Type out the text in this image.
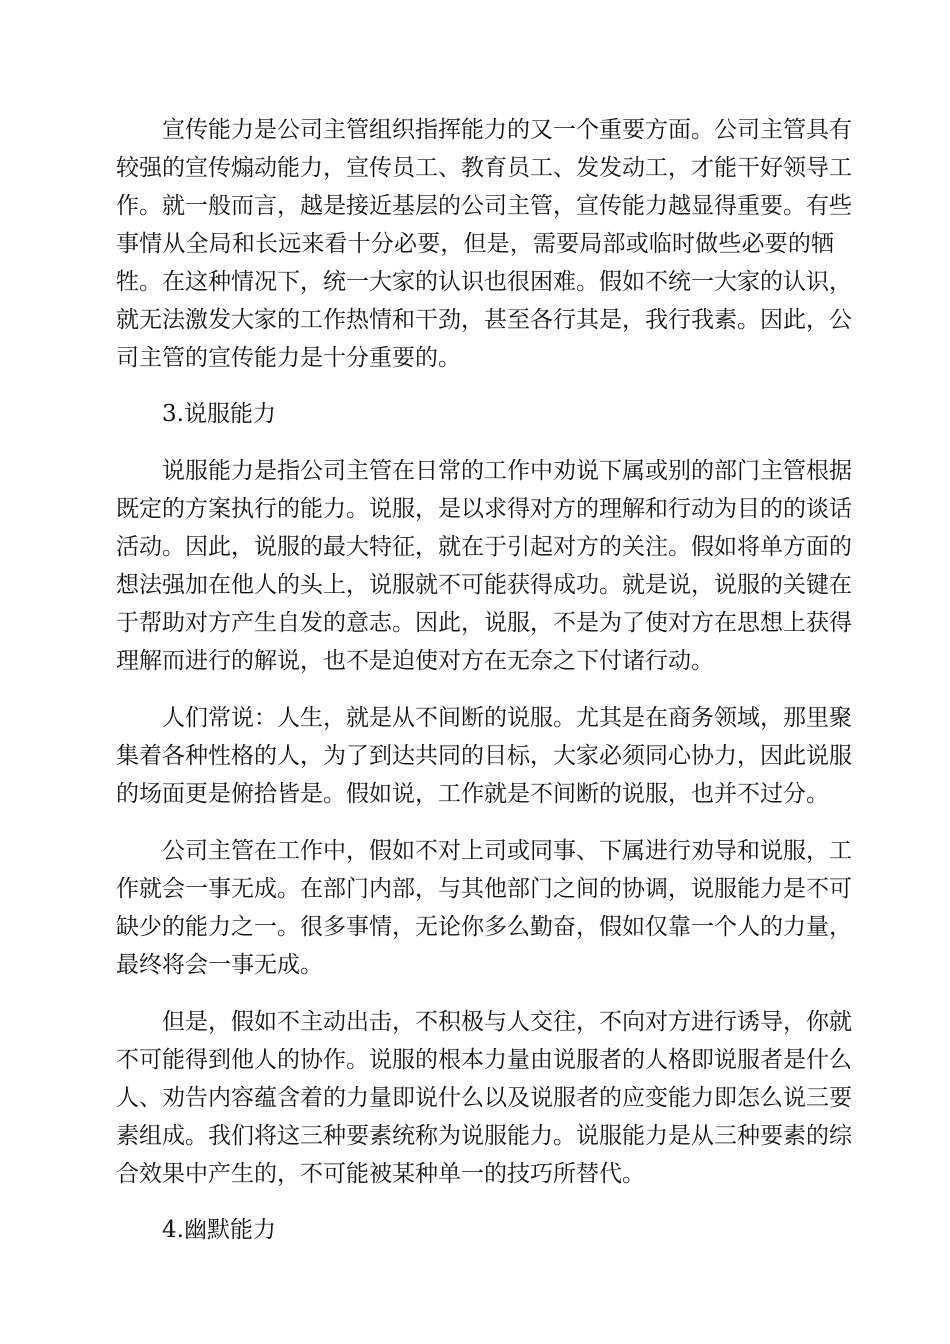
宣传能力是公司主管组织指挥能力的又一个重要方面。公司主管具有
较强的宣传煽动能力，宣传员工、教育员工、发发动工，才能干好领导工
作。就一般而言，越是接近基层的公司主管，宣传能力越显得重要。有些
事情从全局和长远来看十分必要，但是，需要局部或临时做些必要的牺
牲。在这种情况下，统一大家的认识也很困难。假如不统一大家的认识，
就无法激发大家的工作热情和干劲，甚至各行其是，我行我素。因此，公
司主管的宣传能力是十分重要的。
3.说服能力
说服能力是指公司主管在日常的工作中劝说下属或别的部门主管根据
既定的方案执行的能力。说服，是以求得对方的理解和行动为目的的谈话
活动。因此，说服的最大特征，就在于引起对方的关注。假如将单方面的
想法强加在他人的头上，说服就不可能获得成功。就是说，说服的关键在
于帮助对方产生自发的意志。因此，说服，不是为了使对方在思想上获得
理解而进行的解说，也不是迫使对方在无奈之下付诸行动。
人们常说：人生，就是从不间断的说服。尤其是在商务领域，那里聚
集着各种性格的人，为了到达共同的目标，大家必须同心协力，因此说服
的场面更是俯拾皆是。假如说，工作就是不间断的说服，也并不过分。
公司主管在工作中，假如不对上司或同事、下属进行劝导和说服，工
作就会一事无成。在部门内部，与其他部门之间的协调，说服能力是不可
缺少的能力之一。很多事情，无论你多么勤奋，假如仅靠一个人的力量，
最终将会一事无成。
但是，假如不主动出击，不积极与人交往，不向对方进行诱导，你就
不可能得到他人的协作。说服的根本力量由说服者的人格即说服者是什么
人、劝告内容蕴含着的力量即说什么以及说服者的应变能力即怎么说三要
素组成。我们将这三种要素统称为说服能力。说服能力是从三种要素的综
合效果中产生的，不可能被某种单一的技巧所替代。
4.幽默能力
